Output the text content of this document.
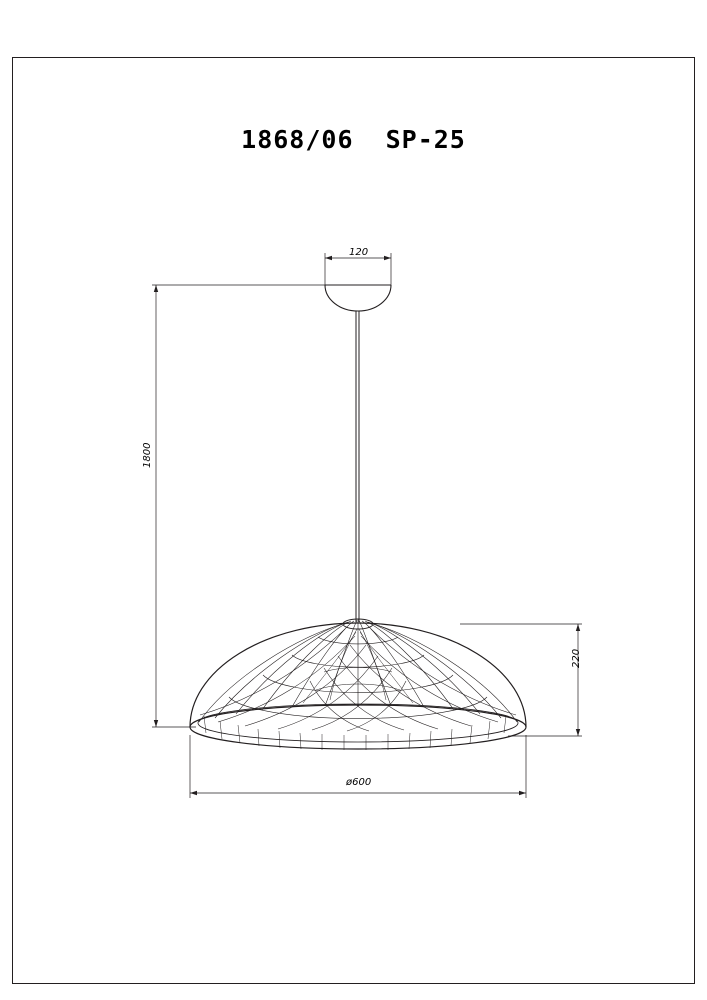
1868/06  SP-25
120
1800
220
ø600
